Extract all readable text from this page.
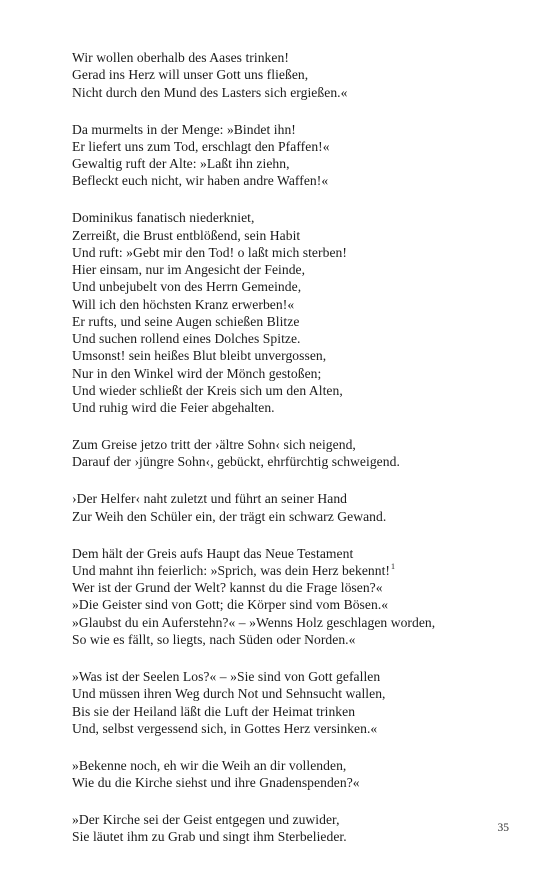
Wir wollen oberhalb des Aases trinken!
Gerad ins Herz will unser Gott uns fließen,
Nicht durch den Mund des Lasters sich ergießen.«
Da murmelts in der Menge: »Bindet ihn!
Er liefert uns zum Tod, erschlagt den Pfaffen!«
Gewaltig ruft der Alte: »Laßt ihn ziehn,
Befleckt euch nicht, wir haben andre Waffen!«
Dominikus fanatisch niederkniet,
Zerreißt, die Brust entblößend, sein Habit
Und ruft: »Gebt mir den Tod! o laßt mich sterben!
Hier einsam, nur im Angesicht der Feinde,
Und unbejubelt von des Herrn Gemeinde,
Will ich den höchsten Kranz erwerben!«
Er rufts, und seine Augen schießen Blitze
Und suchen rollend eines Dolches Spitze.
Umsonst! sein heißes Blut bleibt unvergossen,
Nur in den Winkel wird der Mönch gestoßen;
Und wieder schließt der Kreis sich um den Alten,
Und ruhig wird die Feier abgehalten.
Zum Greise jetzo tritt der ›ältre Sohn‹ sich neigend,
Darauf der ›jüngre Sohn‹, gebückt, ehrfürchtig schweigend.
›Der Helfer‹ naht zuletzt und führt an seiner Hand
Zur Weih den Schüler ein, der trägt ein schwarz Gewand.
Dem hält der Greis aufs Haupt das Neue Testament
Und mahnt ihn feierlich: »Sprich, was dein Herz bekennt!$^1$
Wer ist der Grund der Welt? kannst du die Frage lösen?«
»Die Geister sind von Gott; die Körper sind vom Bösen.«
»Glaubst du ein Auferstehn?« – »Wenns Holz geschlagen worden,
So wie es fällt, so liegts, nach Süden oder Norden.«
»Was ist der Seelen Los?« – »Sie sind von Gott gefallen
Und müssen ihren Weg durch Not und Sehnsucht wallen,
Bis sie der Heiland läßt die Luft der Heimat trinken
Und, selbst vergessend sich, in Gottes Herz versinken.«
»Bekenne noch, eh wir die Weih an dir vollenden,
Wie du die Kirche siehst und ihre Gnadenspenden?«
»Der Kirche sei der Geist entgegen und zuwider,
Sie läutet ihm zu Grab und singt ihm Sterbelieder.
35
